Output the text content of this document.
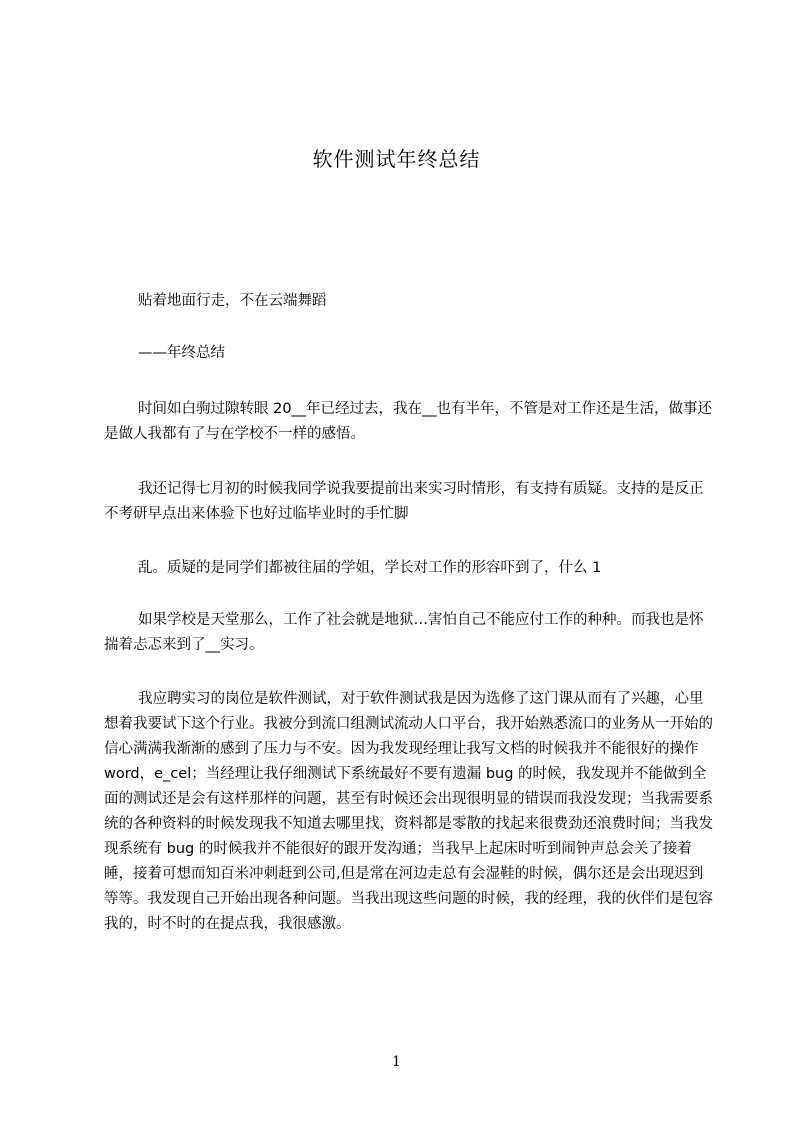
软件测试年终总结
贴着地面行走，不在云端舞蹈
——年终总结
时间如白驹过隙转眼 20__年已经过去，我在__也有半年，不管是对工作还是生活，做事还是做人我都有了与在学校不一样的感悟。
我还记得七月初的时候我同学说我要提前出来实习时情形，有支持有质疑。支持的是反正不考研早点出来体验下也好过临毕业时的手忙脚
乱。质疑的是同学们都被往届的学姐，学长对工作的形容吓到了，什么 1
如果学校是天堂那么，工作了社会就是地狱…害怕自己不能应付工作的种种。而我也是怀揣着忐忑来到了__实习。
我应聘实习的岗位是软件测试，对于软件测试我是因为选修了这门课从而有了兴趣，心里想着我要试下这个行业。我被分到流口组测试流动人口平台，我开始熟悉流口的业务从一开始的信心满满我渐渐的感到了压力与不安。因为我发现经理让我写文档的时候我并不能很好的操作 word，e_cel；当经理让我仔细测试下系统最好不要有遗漏 bug 的时候，我发现并不能做到全面的测试还是会有这样那样的问题，甚至有时候还会出现很明显的错误而我没发现；当我需要系统的各种资料的时候发现我不知道去哪里找，资料都是零散的找起来很费劲还浪费时间；当我发现系统有 bug 的时候我并不能很好的跟开发沟通；当我早上起床时听到闹钟声总会关了接着睡，接着可想而知百米冲刺赶到公司,但是常在河边走总有会湿鞋的时候，偶尔还是会出现迟到等等。我发现自己开始出现各种问题。当我出现这些问题的时候，我的经理，我的伙伴们是包容我的，时不时的在提点我，我很感激。
1
